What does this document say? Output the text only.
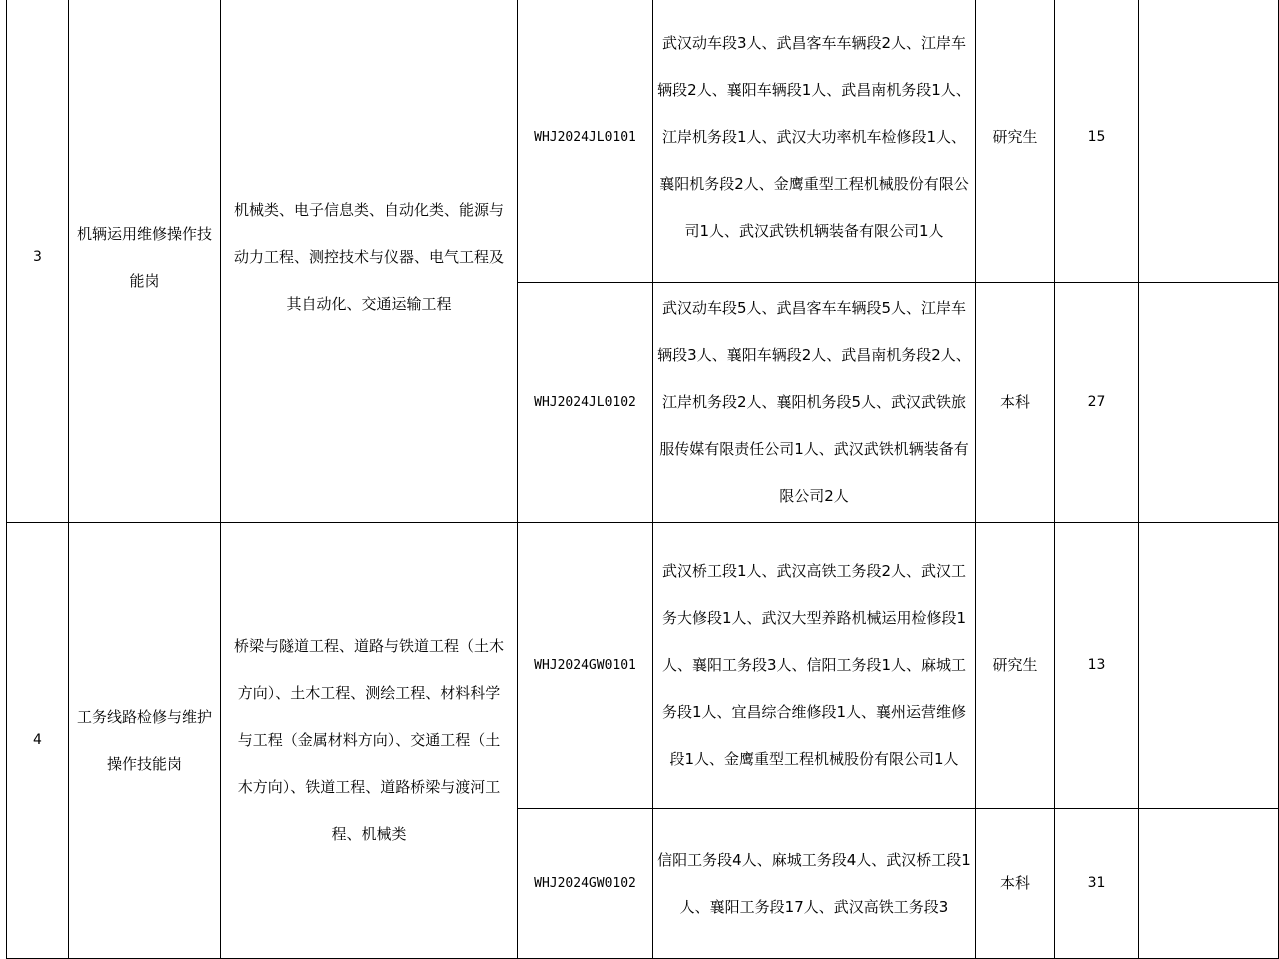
3	机辆运用维修操作技能岗	机械类、电子信息类、自动化类、能源与
动力工程、测控技术与仪器、电气工程及
其自动化、交通运输工程	WHJ2024JL0101	武汉动车段3人、武昌客车车辆段2人、江岸车辆段2人、襄阳车辆段1人、武昌南机务段1人、江岸机务段1人、武汉大功率机车检修段1人、襄阳机务段2人、金鹰重型工程机械股份有限公司1人、武汉武铁机辆装备有限公司1人	研究生	15	
			WHJ2024JL0102	武汉动车段5人、武昌客车车辆段5人、江岸车辆段3人、襄阳车辆段2人、武昌南机务段2人、江岸机务段2人、襄阳机务段5人、武汉武铁旅服传媒有限责任公司1人、武汉武铁机辆装备有限公司2人	本科	27	
4	工务线路检修与维护操作技能岗	桥梁与隧道工程、道路与铁道工程（土木
方向）、土木工程、测绘工程、材料科学
与工程（金属材料方向）、交通工程（土
木方向）、铁道工程、道路桥梁与渡河工
程、机械类	WHJ2024GW0101	武汉桥工段1人、武汉高铁工务段2人、武汉工务大修段1人、武汉大型养路机械运用检修段1人、襄阳工务段3人、信阳工务段1人、麻城工务段1人、宜昌综合维修段1人、襄州运营维修段1人、金鹰重型工程机械股份有限公司1人	研究生	13	
			WHJ2024GW0102	信阳工务段4人、麻城工务段4人、武汉桥工段1人、襄阳工务段17人、武汉高铁工务段3	本科	31	
